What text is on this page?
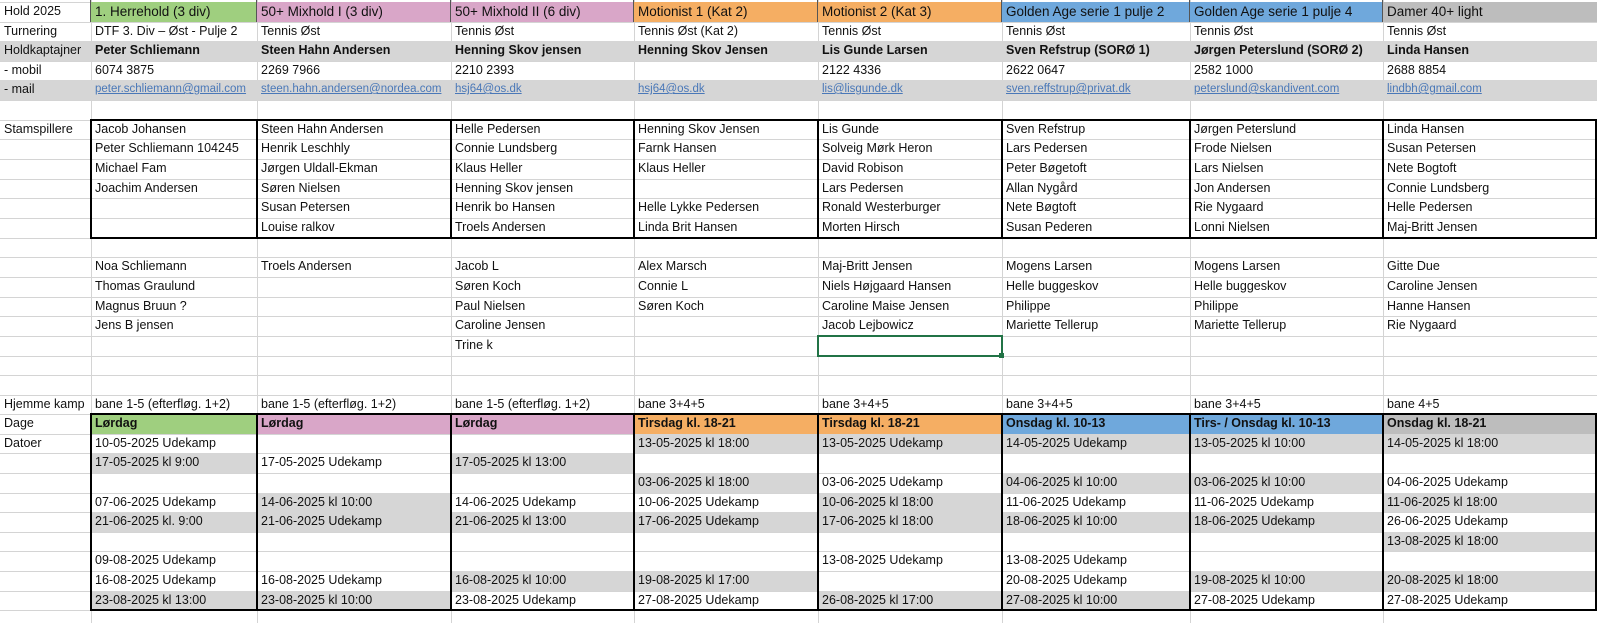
Hold 2025
Turnering
Holdkaptajner
- mobil
- mail
Stamspillere
Hjemme kamp
Dage
Datoer
1. Herrehold (3 div)
DTF 3. Div – Øst - Pulje 2
Peter Schliemann
6074 3875
peter.schliemann@gmail.com
Jacob Johansen
Peter Schliemann 104245
Michael Fam
Joachim Andersen
Noa Schliemann
Thomas Graulund
Magnus Bruun ?
Jens B jensen
bane 1-5 (efterfløg. 1+2)
Lørdag
10-05-2025 Udekamp
17-05-2025 kl 9:00
07-06-2025 Udekamp
21-06-2025 kl. 9:00
09-08-2025 Udekamp
16-08-2025 Udekamp
23-08-2025 kl 13:00
50+ Mixhold I (3 div)
Tennis Øst
Steen Hahn Andersen
2269 7966
steen.hahn.andersen@nordea.com
Steen Hahn Andersen
Henrik Leschhly
Jørgen Uldall-Ekman
Søren Nielsen
Susan Petersen
Louise ralkov
Troels Andersen
bane 1-5 (efterfløg. 1+2)
Lørdag
17-05-2025 Udekamp
14-06-2025 kl 10:00
21-06-2025 Udekamp
16-08-2025 Udekamp
23-08-2025 kl 10:00
50+ Mixhold II (6 div)
Tennis Øst
Henning Skov jensen
2210 2393
hsj64@os.dk
Helle Pedersen
Connie Lundsberg
Klaus Heller
Henning Skov jensen
Henrik bo Hansen
Troels Andersen
Jacob L
Søren Koch
Paul Nielsen
Caroline Jensen
Trine k
bane 1-5 (efterfløg. 1+2)
Lørdag
17-05-2025 kl 13:00
14-06-2025 Udekamp
21-06-2025 kl 13:00
16-08-2025 kl 10:00
23-08-2025 Udekamp
Motionist 1 (Kat 2)
Tennis Øst (Kat 2)
Henning Skov Jensen
hsj64@os.dk
Henning Skov Jensen
Farnk Hansen
Klaus Heller
Helle Lykke Pedersen
Linda Brit Hansen
Alex Marsch
Connie L
Søren Koch
bane 3+4+5
Tirsdag kl. 18-21
13-05-2025 kl 18:00
03-06-2025 kl 18:00
10-06-2025 Udekamp
17-06-2025 Udekamp
19-08-2025 kl 17:00
27-08-2025 Udekamp
Motionist 2 (Kat 3)
Tennis Øst
Lis Gunde Larsen
2122 4336
lis@lisgunde.dk
Lis Gunde
Solveig Mørk Heron
David Robison
Lars Pedersen
Ronald Westerburger
Morten Hirsch
Maj-Britt Jensen
Niels Højgaard Hansen
Caroline Maise Jensen
Jacob Lejbowicz
bane 3+4+5
Tirsdag kl. 18-21
13-05-2025 Udekamp
03-06-2025 Udekamp
10-06-2025 kl 18:00
17-06-2025 kl 18:00
13-08-2025 Udekamp
26-08-2025 kl 17:00
Golden Age serie 1 pulje 2
Tennis Øst
Sven Refstrup (SORØ 1)
2622 0647
sven.reffstrup@privat.dk
Sven Refstrup
Lars Pedersen
Peter Bøgetoft
Allan Nygård
Nete Bøgtoft
Susan Pederen
Mogens Larsen
Helle buggeskov
Philippe
Mariette Tellerup
bane 3+4+5
Onsdag kl. 10-13
14-05-2025 Udekamp
04-06-2025 kl 10:00
11-06-2025 Udekamp
18-06-2025 kl 10:00
13-08-2025 Udekamp
20-08-2025 Udekamp
27-08-2025 kl 10:00
Golden Age serie 1 pulje 4
Tennis Øst
Jørgen Peterslund (SORØ 2)
2582 1000
peterslund@skandivent.com
Jørgen Peterslund
Frode Nielsen
Lars Nielsen
Jon Andersen
Rie Nygaard
Lonni Nielsen
Mogens Larsen
Helle buggeskov
Philippe
Mariette Tellerup
bane 3+4+5
Tirs- / Onsdag kl. 10-13
13-05-2025 kl 10:00
03-06-2025 kl 10:00
11-06-2025 Udekamp
18-06-2025 Udekamp
19-08-2025 kl 10:00
27-08-2025 Udekamp
Damer 40+ light
Tennis Øst
Linda Hansen
2688 8854
lindbh@gmail.com
Linda Hansen
Susan Petersen
Nete Bogtoft
Connie Lundsberg
Helle Pedersen
Maj-Britt Jensen
Gitte Due
Caroline Jensen
Hanne Hansen
Rie Nygaard
bane 4+5
Onsdag kl. 18-21
14-05-2025 kl 18:00
04-06-2025 Udekamp
11-06-2025 kl 18:00
26-06-2025 Udekamp
13-08-2025 kl 18:00
20-08-2025 kl 18:00
27-08-2025 Udekamp
